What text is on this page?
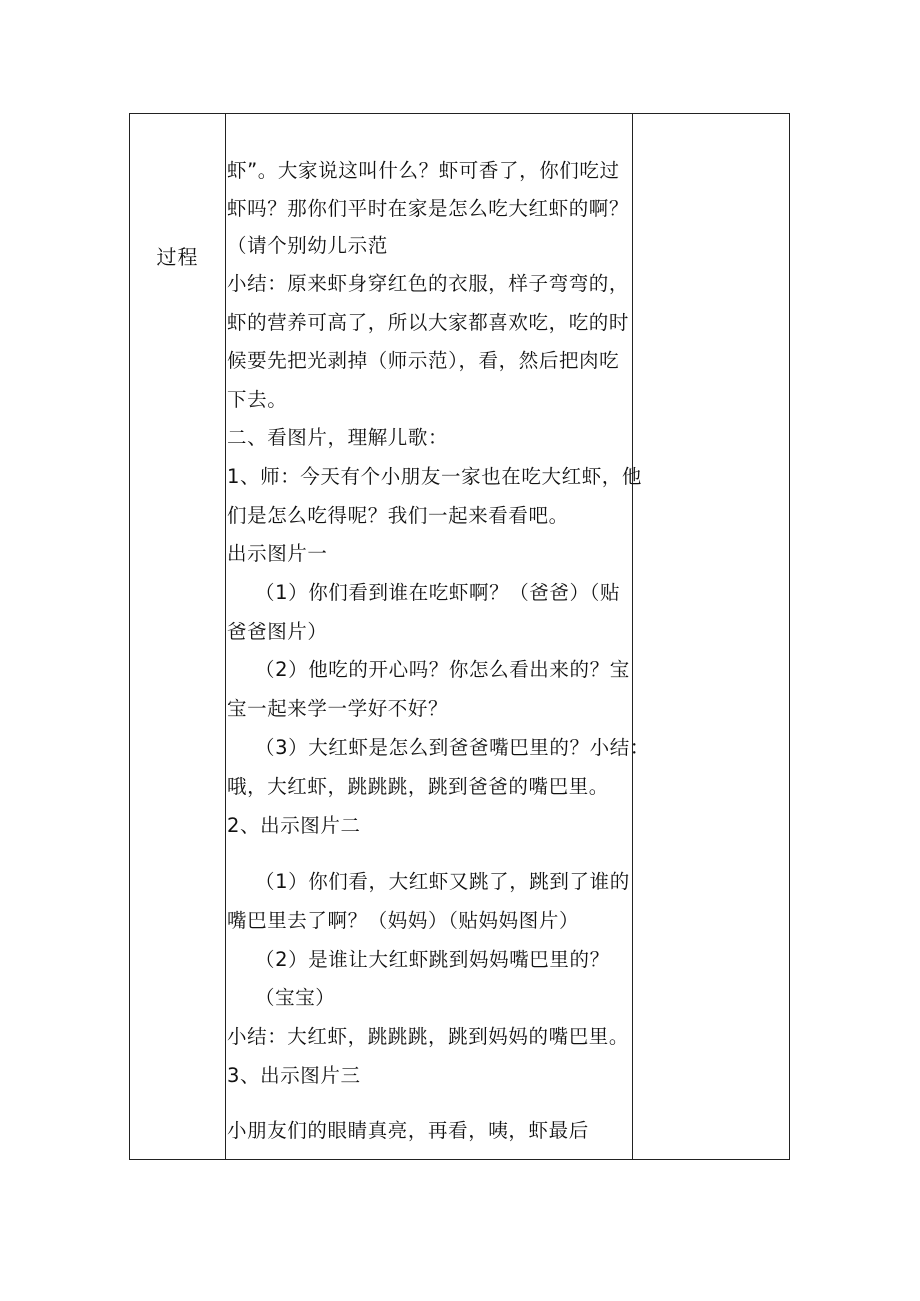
过程
虾”。大家说这叫什么？虾可香了，你们吃过
虾吗？那你们平时在家是怎么吃大红虾的啊？
（请个别幼儿示范
小结：原来虾身穿红色的衣服，样子弯弯的，
虾的营养可高了，所以大家都喜欢吃，吃的时
候要先把光剥掉（师示范），看，然后把肉吃
下去。
二、看图片，理解儿歌：
1、师：今天有个小朋友一家也在吃大红虾，他
们是怎么吃得呢？我们一起来看看吧。
出示图片一
（1）你们看到谁在吃虾啊？（爸爸）（贴
爸爸图片）
（2）他吃的开心吗？你怎么看出来的？宝
宝一起来学一学好不好？
（3）大红虾是怎么到爸爸嘴巴里的？小结：
哦，大红虾，跳跳跳，跳到爸爸的嘴巴里。
2、出示图片二
（1）你们看，大红虾又跳了，跳到了谁的
嘴巴里去了啊？（妈妈）（贴妈妈图片）
（2）是谁让大红虾跳到妈妈嘴巴里的？
（宝宝）
小结：大红虾，跳跳跳，跳到妈妈的嘴巴里。
3、出示图片三
小朋友们的眼睛真亮，再看，咦，虾最后
